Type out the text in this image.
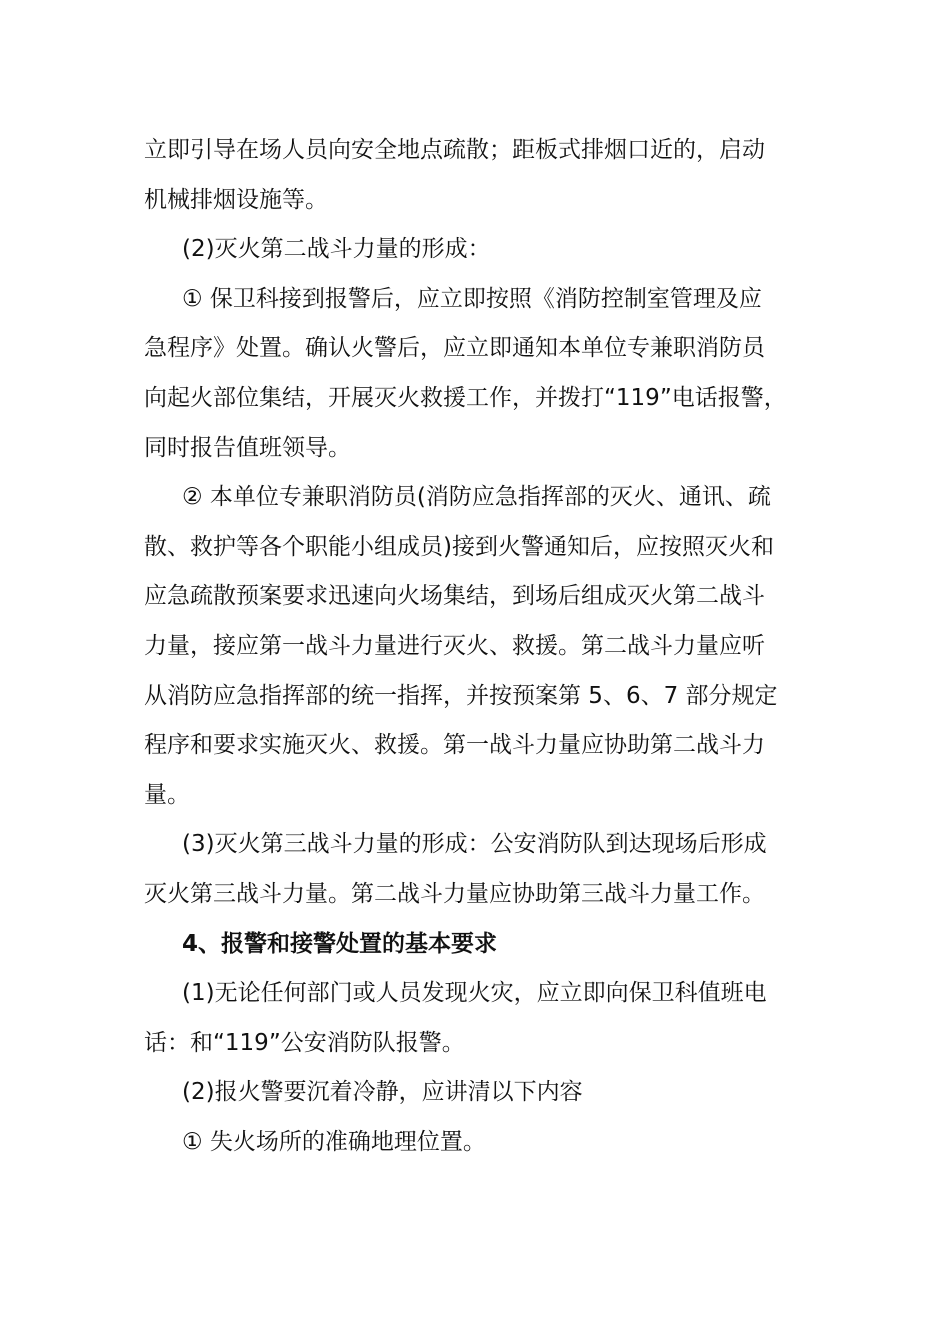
立即引导在场人员向安全地点疏散；距板式排烟口近的，启动

机械排烟设施等。

(2)灭火第二战斗力量的形成：

① 保卫科接到报警后，应立即按照《消防控制室管理及应

急程序》处置。确认火警后，应立即通知本单位专兼职消防员

向起火部位集结，开展灭火救援工作，并拨打“119”电话报警，

同时报告值班领导。

② 本单位专兼职消防员(消防应急指挥部的灭火、通讯、疏

散、救护等各个职能小组成员)接到火警通知后，应按照灭火和

应急疏散预案要求迅速向火场集结，到场后组成灭火第二战斗

力量，接应第一战斗力量进行灭火、救援。第二战斗力量应听

从消防应急指挥部的统一指挥，并按预案第 5、6、7 部分规定

程序和要求实施灭火、救援。第一战斗力量应协助第二战斗力

量。

(3)灭火第三战斗力量的形成：公安消防队到达现场后形成

灭火第三战斗力量。第二战斗力量应协助第三战斗力量工作。

4、报警和接警处置的基本要求

(1)无论任何部门或人员发现火灾，应立即向保卫科值班电

话：和“119”公安消防队报警。

(2)报火警要沉着冷静，应讲清以下内容

① 失火场所的准确地理位置。
